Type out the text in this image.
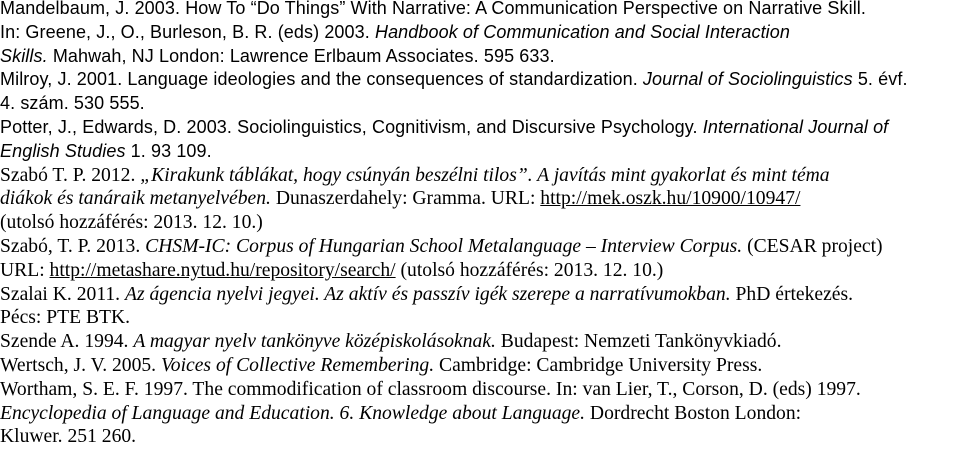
Mandelbaum, J. 2003. How To “Do Things” With Narrative: A Communication Perspective on Narrative Skill.
In: Greene, J., O., Burleson, B. R. (eds) 2003. Handbook of Communication and Social Interaction
Skills. Mahwah, NJ London: Lawrence Erlbaum Associates. 595 633.
Milroy, J. 2001. Language ideologies and the consequences of standardization. Journal of Sociolinguistics 5. évf.
4. szám. 530 555.
Potter, J., Edwards, D. 2003. Sociolinguistics, Cognitivism, and Discursive Psychology. International Journal of
English Studies 1. 93 109.
Szabó T. P. 2012. „Kirakunk táblákat, hogy csúnyán beszélni tilos”. A javítás mint gyakorlat és mint téma
diákok és tanáraik metanyelvében. Dunaszerdahely: Gramma. URL: http://mek.oszk.hu/10900/10947/
(utolsó hozzáférés: 2013. 12. 10.)
Szabó, T. P. 2013. CHSM-IC: Corpus of Hungarian School Metalanguage – Interview Corpus. (CESAR project)
URL: http://metashare.nytud.hu/repository/search/ (utolsó hozzáférés: 2013. 12. 10.)
Szalai K. 2011. Az ágencia nyelvi jegyei. Az aktív és passzív igék szerepe a narratívumokban. PhD értekezés.
Pécs: PTE BTK.
Szende A. 1994. A magyar nyelv tankönyve középiskolásoknak. Budapest: Nemzeti Tankönyvkiadó.
Wertsch, J. V. 2005. Voices of Collective Remembering. Cambridge: Cambridge University Press.
Wortham, S. E. F. 1997. The commodification of classroom discourse. In: van Lier, T., Corson, D. (eds) 1997.
Encyclopedia of Language and Education. 6. Knowledge about Language. Dordrecht Boston London:
Kluwer. 251 260.
